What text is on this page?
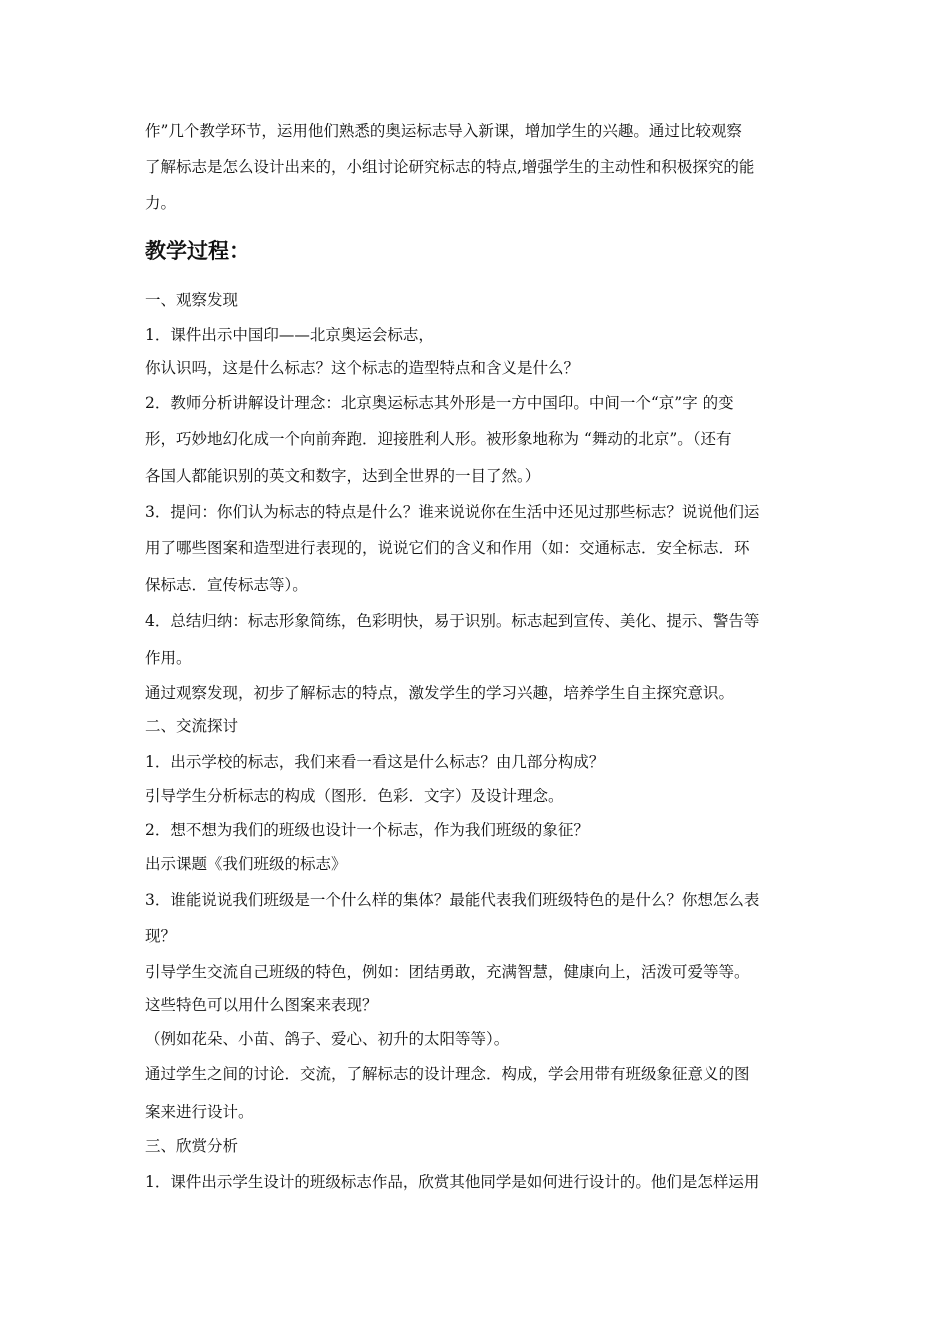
作”几个教学环节，运用他们熟悉的奥运标志导入新课，增加学生的兴趣。通过比较观察
了解标志是怎么设计出来的，小组讨论研究标志的特点,增强学生的主动性和积极探究的能
力。
教学过程：
一、观察发现
1．课件出示中国印——北京奥运会标志，
你认识吗，这是什么标志？这个标志的造型特点和含义是什么？
2．教师分析讲解设计理念：北京奥运标志其外形是一方中国印。中间一个“京”字 的变
形，巧妙地幻化成一个向前奔跑．迎接胜利人形。被形象地称为 “舞动的北京”。（还有
各国人都能识别的英文和数字，达到全世界的一目了然。）
3．提问：你们认为标志的特点是什么？谁来说说你在生活中还见过那些标志？说说他们运
用了哪些图案和造型进行表现的，说说它们的含义和作用（如：交通标志．安全标志．环
保标志．宣传标志等）。
4．总结归纳：标志形象简练，色彩明快，易于识别。标志起到宣传、美化、提示、警告等
作用。
通过观察发现，初步了解标志的特点，激发学生的学习兴趣，培养学生自主探究意识。
二、交流探讨
1．出示学校的标志，我们来看一看这是什么标志？由几部分构成？
引导学生分析标志的构成（图形．色彩．文字）及设计理念。
2．想不想为我们的班级也设计一个标志，作为我们班级的象征？
出示课题《我们班级的标志》
3．谁能说说我们班级是一个什么样的集体？最能代表我们班级特色的是什么？你想怎么表
现？
引导学生交流自己班级的特色，例如：团结勇敢，充满智慧，健康向上，活泼可爱等等。
这些特色可以用什么图案来表现？
（例如花朵、小苗、鸽子、爱心、初升的太阳等等）。
通过学生之间的讨论．交流，了解标志的设计理念．构成，学会用带有班级象征意义的图
案来进行设计。
三、欣赏分析
1．课件出示学生设计的班级标志作品，欣赏其他同学是如何进行设计的。他们是怎样运用
